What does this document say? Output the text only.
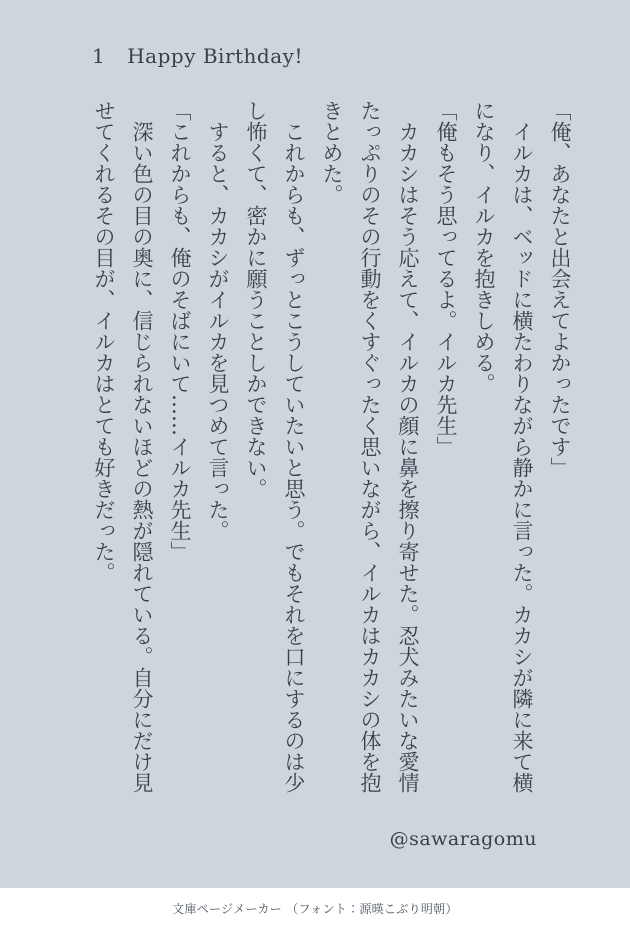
1 Happy Birthday!

「俺、あなたと出会えてよかったです」

イルカは、ベッドに横たわりながら静かに言った。カカシが隣に来て横になり、イルカを抱きしめる。

「俺もそう思ってるよ。イルカ先生」

カカシはそう応えて、イルカの顔に鼻を擦り寄せた。忍犬みたいな愛情たっぷりのその行動をくすぐったく思いながら、イルカはカカシの体を抱きとめた。

これからも、ずっとこうしていたいと思う。でもそれを口にするのは少し怖くて、密かに願うことしかできない。

すると、カカシがイルカを見つめて言った。

「これからも、俺のそばにいて……イルカ先生」

深い色の目の奥に、信じられないほどの熱が隠れている。自分にだけ見せてくれるその目が、イルカはとても好きだった。

@sawaragomu
文庫ページメーカー （フォント：源暎こぶり明朝）
